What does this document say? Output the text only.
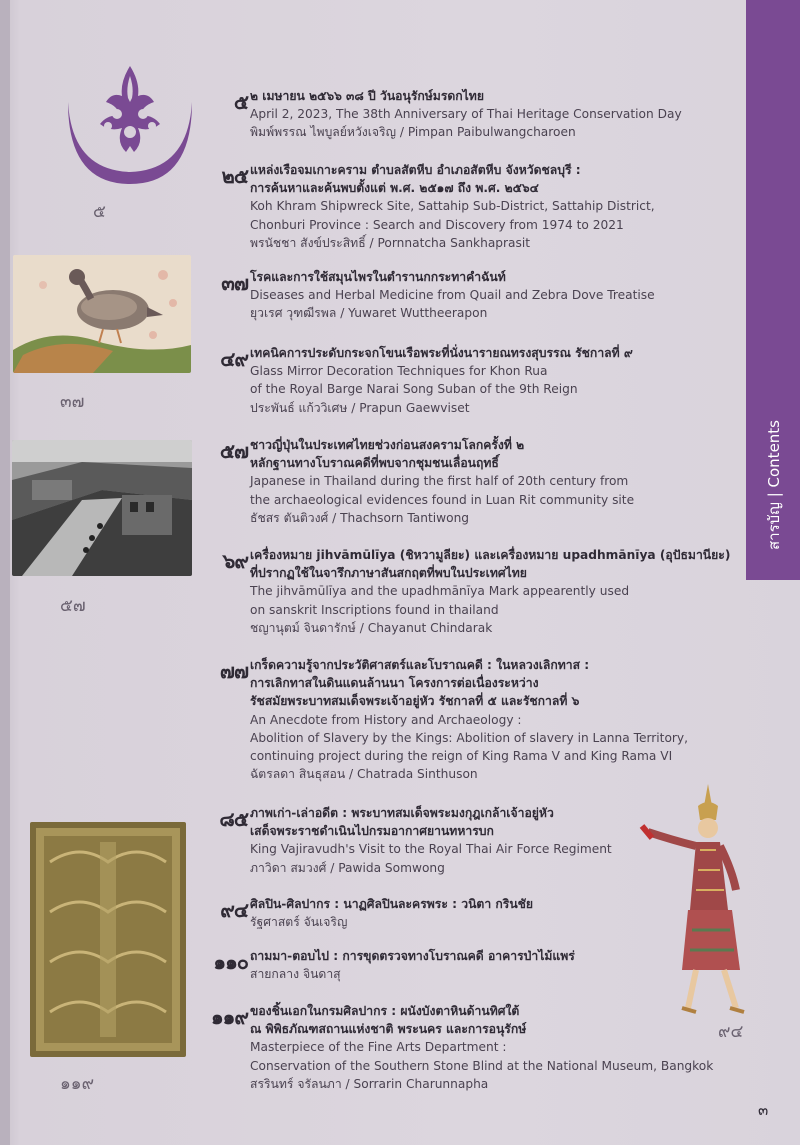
สารบัญ | Contents
๕
๓๗
๕๗
๑๑๙
๙๔
๕ ๒ เมษายน ๒๕๖๖ ๓๘ ปี วันอนุรักษ์มรดกไทย
April 2, 2023, The 38th Anniversary of Thai Heritage Conservation Day
พิมพ์พรรณ ไพบูลย์หวังเจริญ / Pimpan Paibulwangcharoen
๒๕ แหล่งเรือจมเกาะคราม ตำบลสัตหีบ อำเภอสัตหีบ จังหวัดชลบุรี :
การค้นหาและค้นพบตั้งแต่ พ.ศ. ๒๕๑๗ ถึง พ.ศ. ๒๕๖๔
Koh Khram Shipwreck Site, Sattahip Sub-District, Sattahip District,
Chonburi Province : Search and Discovery from 1974 to 2021
พรนัชชา สังข์ประสิทธิ์ / Pornnatcha Sankhaprasit
๓๗ โรคและการใช้สมุนไพรในตำรานกกระทาคำฉันท์
Diseases and Herbal Medicine from Quail and Zebra Dove Treatise
ยุวเรศ วุฑฒีรพล / Yuwaret Wuttheerapon
๔๙ เทคนิคการประดับกระจกโขนเรือพระที่นั่งนารายณทรงสุบรรณ รัชกาลที่ ๙
Glass Mirror Decoration Techniques for Khon Rua
of the Royal Barge Narai Song Suban of the 9th Reign
ประพันธ์ แก้ววิเศษ / Prapun Gaewviset
๕๗ ชาวญี่ปุ่นในประเทศไทยช่วงก่อนสงครามโลกครั้งที่ ๒
หลักฐานทางโบราณคดีที่พบจากชุมชนเลื่อนฤทธิ์
Japanese in Thailand during the first half of 20th century from
the archaeological evidences found in Luan Rit community site
ธัชสร ตันติวงศ์ / Thachsorn Tantiwong
๖๙ เครื่องหมาย jihvāmūlīya (ชิหวามูลียะ) และเครื่องหมาย upadhmānīya (อุปัธมานียะ)
ที่ปรากฏใช้ในจารึกภาษาสันสกฤตที่พบในประเทศไทย
The jihvāmūlīya and the upadhmānīya Mark appearently used
on sanskrit Inscriptions found in thailand
ชญานุตม์ จินดารักษ์ / Chayanut Chindarak
๗๗ เกร็ดความรู้จากประวัติศาสตร์และโบราณคดี : ในหลวงเลิกทาส :
การเลิกทาสในดินแดนล้านนา โครงการต่อเนื่องระหว่าง
รัชสมัยพระบาทสมเด็จพระเจ้าอยู่หัว รัชกาลที่ ๕ และรัชกาลที่ ๖
An Anecdote from History and Archaeology :
Abolition of Slavery by the Kings: Abolition of slavery in Lanna Territory,
continuing project during the reign of King Rama V and King Rama VI
ฉัตรลดา สินธุสอน / Chatrada Sinthuson
๘๕ ภาพเก่า-เล่าอดีต : พระบาทสมเด็จพระมงกุฎเกล้าเจ้าอยู่หัว
เสด็จพระราชดำเนินไปกรมอากาศยานทหารบก
King Vajiravudh's Visit to the Royal Thai Air Force Regiment
ภาวิดา สมวงศ์ / Pawida Somwong
๙๔ ศิลปิน-ศิลปากร : นาฏศิลปินละครพระ : วนิตา กรินชัย
รัฐศาสตร์ จันเจริญ
๑๑๐ ถามมา-ตอบไป : การขุดตรวจทางโบราณคดี อาคารป่าไม้แพร่
สายกลาง จินดาสุ
๑๑๙ ของชิ้นเอกในกรมศิลปากร : ผนังบังตาหินด้านทิศใต้
ณ พิพิธภัณฑสถานแห่งชาติ พระนคร และการอนุรักษ์
Masterpiece of the Fine Arts Department :
Conservation of the Southern Stone Blind at the National Museum, Bangkok
สรรินทร์ จรัลนภา / Sorrarin Charunnapha
๓
